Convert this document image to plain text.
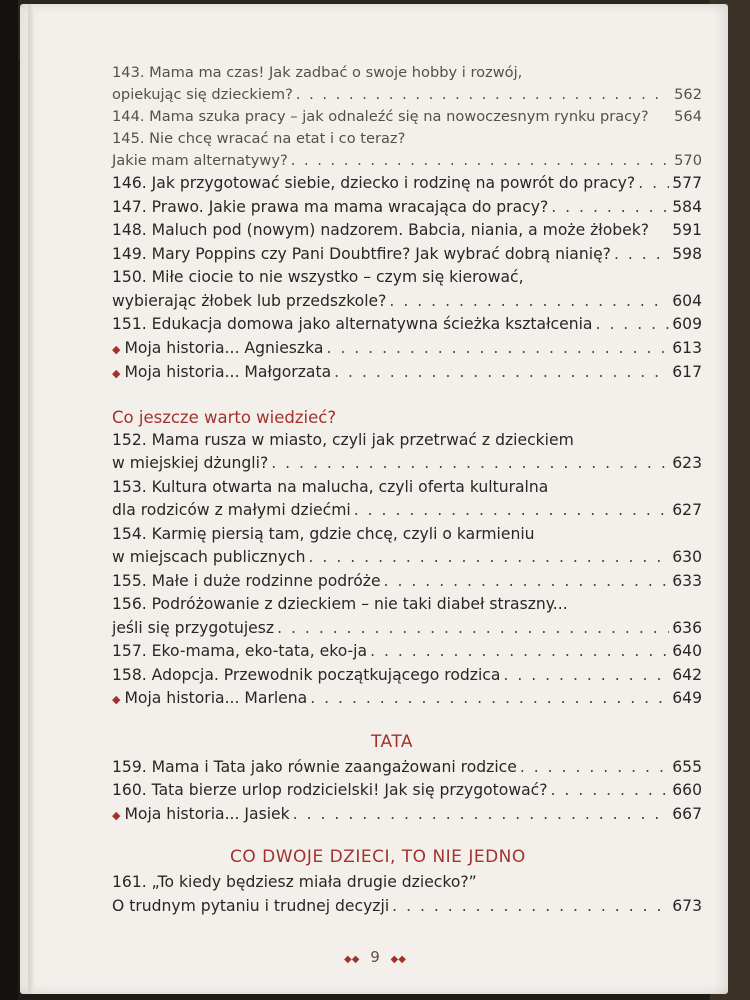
143. Mama ma czas! Jak zadbać o swoje hobby i rozwój,
opiekując się dzieckiem? . . .	562
144. Mama szuka pracy – jak odnaleźć się na nowoczesnym rynku pracy? 564
145. Nie chcę wracać na etat i co teraz?
Jakie mam alternatywy? . . .	570
146. Jak przygotować siebie, dziecko i rodzinę na powrót do pracy? . . . 577
147. Prawo. Jakie prawa ma mama wracająca do pracy? . . .	584
148. Maluch pod (nowym) nadzorem. Babcia, niania, a może żłobek? 591
149. Mary Poppins czy Pani Doubtfire? Jak wybrać dobrą nianię? . . .	598
150. Miłe ciocie to nie wszystko – czym się kierować,
wybierając żłobek lub przedszkole? . . .	604
151. Edukacja domowa jako alternatywna ścieżka kształcenia . . .	609
◆ Moja historia... Agnieszka . . .	613
◆ Moja historia... Małgorzata . . .	617
Co jeszcze warto wiedzieć?
152. Mama rusza w miasto, czyli jak przetrwać z dzieckiem
w miejskiej dżungli? . . .	623
153. Kultura otwarta na malucha, czyli oferta kulturalna
dla rodziców z małymi dziećmi . . .	627
154. Karmię piersią tam, gdzie chcę, czyli o karmieniu
w miejscach publicznych . . .	630
155. Małe i duże rodzinne podróże . . .	633
156. Podróżowanie z dzieckiem – nie taki diabeł straszny...
jeśli się przygotujesz . . .	636
157. Eko-mama, eko-tata, eko-ja . . .	640
158. Adopcja. Przewodnik początkującego rodzica . . .	642
◆ Moja historia... Marlena . . .	649
TATA
159. Mama i Tata jako równie zaangażowani rodzice . . .	655
160. Tata bierze urlop rodzicielski! Jak się przygotować? . . .	660
◆ Moja historia... Jasiek . . .	667
CO DWOJE DZIECI, TO NIE JEDNO
161. „To kiedy będziesz miała drugie dziecko?”
O trudnym pytaniu i trudnej decyzji . . .	673
◆◆ 9 ◆◆
